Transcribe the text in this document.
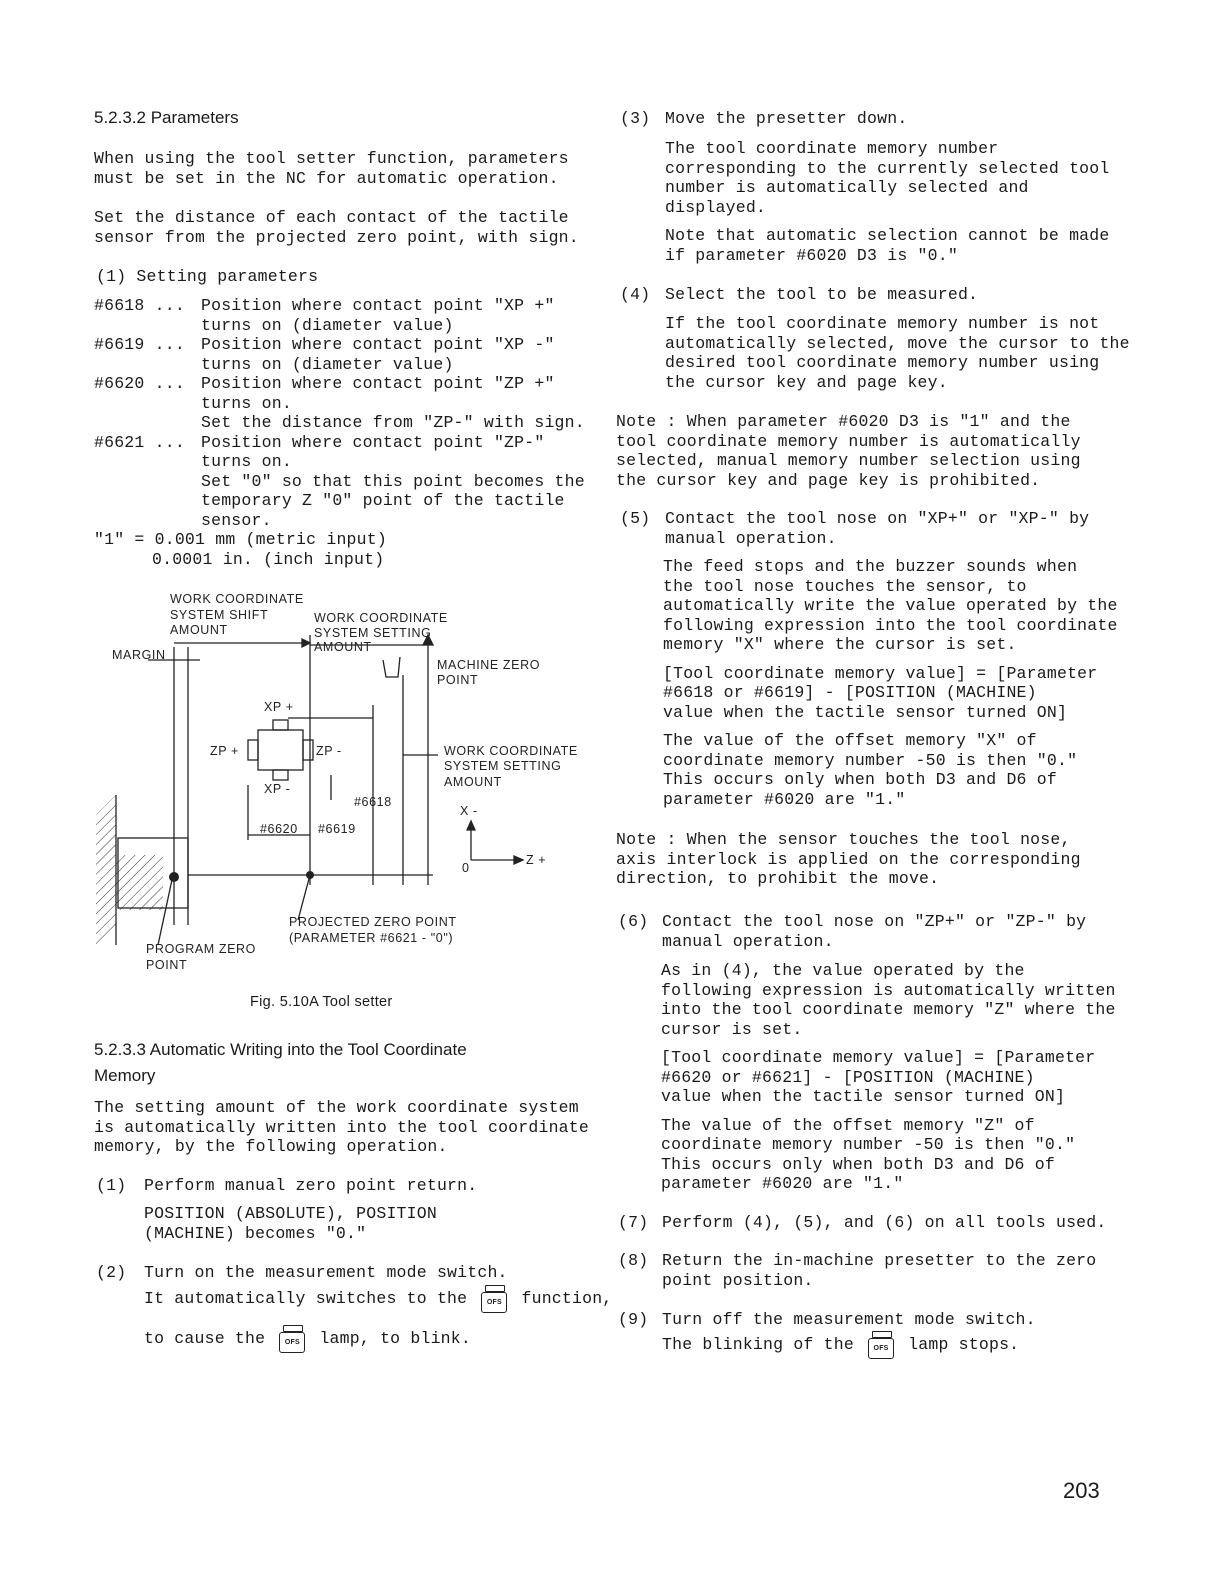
5.2.3.2 Parameters
When using the tool setter function, parameters
must be set in the NC for automatic operation.
Set the distance of each contact of the tactile
sensor from the projected zero point, with sign.
(1) Setting parameters
#6618 ... Position where contact point "XP +"
turns on (diameter value)
#6619 ... Position where contact point "XP -"
turns on (diameter value)
#6620 ... Position where contact point "ZP +"
turns on.
Set the distance from "ZP-" with sign.
#6621 ... Position where contact point "ZP-"
turns on.
Set "0" so that this point becomes the
temporary Z "0" point of the tactile
sensor.
"1" = 0.001 mm (metric input)
0.0001 in. (inch input)
WORK COORDINATE
SYSTEM SHIFT
AMOUNT
WORK COORDINATE
SYSTEM SETTING
AMOUNT
MARGIN
MACHINE ZERO
POINT
XP +
ZP +	ZP -
XP -
WORK COORDINATE
SYSTEM SETTING
AMOUNT
#6618
#6620 #6619
X -
Z +
0
PROJECTED ZERO POINT
(PARAMETER #6621 - "0")
PROGRAM ZERO
POINT
Fig. 5.10A Tool setter
5.2.3.3 Automatic Writing into the Tool Coordinate
Memory
The setting amount of the work coordinate system
is automatically written into the tool coordinate
memory, by the following operation.
(1) Perform manual zero point return.
POSITION (ABSOLUTE), POSITION
(MACHINE) becomes "0."
(2) Turn on the measurement mode switch.
It automatically switches to the	OFS	function,
to cause the	OFS	lamp, to blink.
(3) Move the presetter down.
The tool coordinate memory number
corresponding to the currently selected tool
number is automatically selected and
displayed.
Note that automatic selection cannot be made
if parameter #6020 D3 is "0."
(4) Select the tool to be measured.
If the tool coordinate memory number is not
automatically selected, move the cursor to the
desired tool coordinate memory number using
the cursor key and page key.
Note : When parameter #6020 D3 is "1" and the
tool coordinate memory number is automatically
selected, manual memory number selection using
the cursor key and page key is prohibited.
(5) Contact the tool nose on "XP+" or "XP-" by
manual operation.
The feed stops and the buzzer sounds when
the tool nose touches the sensor, to
automatically write the value operated by the
following expression into the tool coordinate
memory "X" where the cursor is set.
[Tool coordinate memory value] = [Parameter
#6618 or #6619] - [POSITION (MACHINE)
value when the tactile sensor turned ON]
The value of the offset memory "X" of
coordinate memory number -50 is then "0."
This occurs only when both D3 and D6 of
parameter #6020 are "1."
Note : When the sensor touches the tool nose,
axis interlock is applied on the corresponding
direction, to prohibit the move.
(6) Contact the tool nose on "ZP+" or "ZP-" by
manual operation.
As in (4), the value operated by the
following expression is automatically written
into the tool coordinate memory "Z" where the
cursor is set.
[Tool coordinate memory value] = [Parameter
#6620 or #6621] - [POSITION (MACHINE)
value when the tactile sensor turned ON]
The value of the offset memory "Z" of
coordinate memory number -50 is then "0."
This occurs only when both D3 and D6 of
parameter #6020 are "1."
(7) Perform (4), (5), and (6) on all tools used.
(8) Return the in-machine presetter to the zero
point position.
(9) Turn off the measurement mode switch.
The blinking of the	OFS	lamp stops.
203
